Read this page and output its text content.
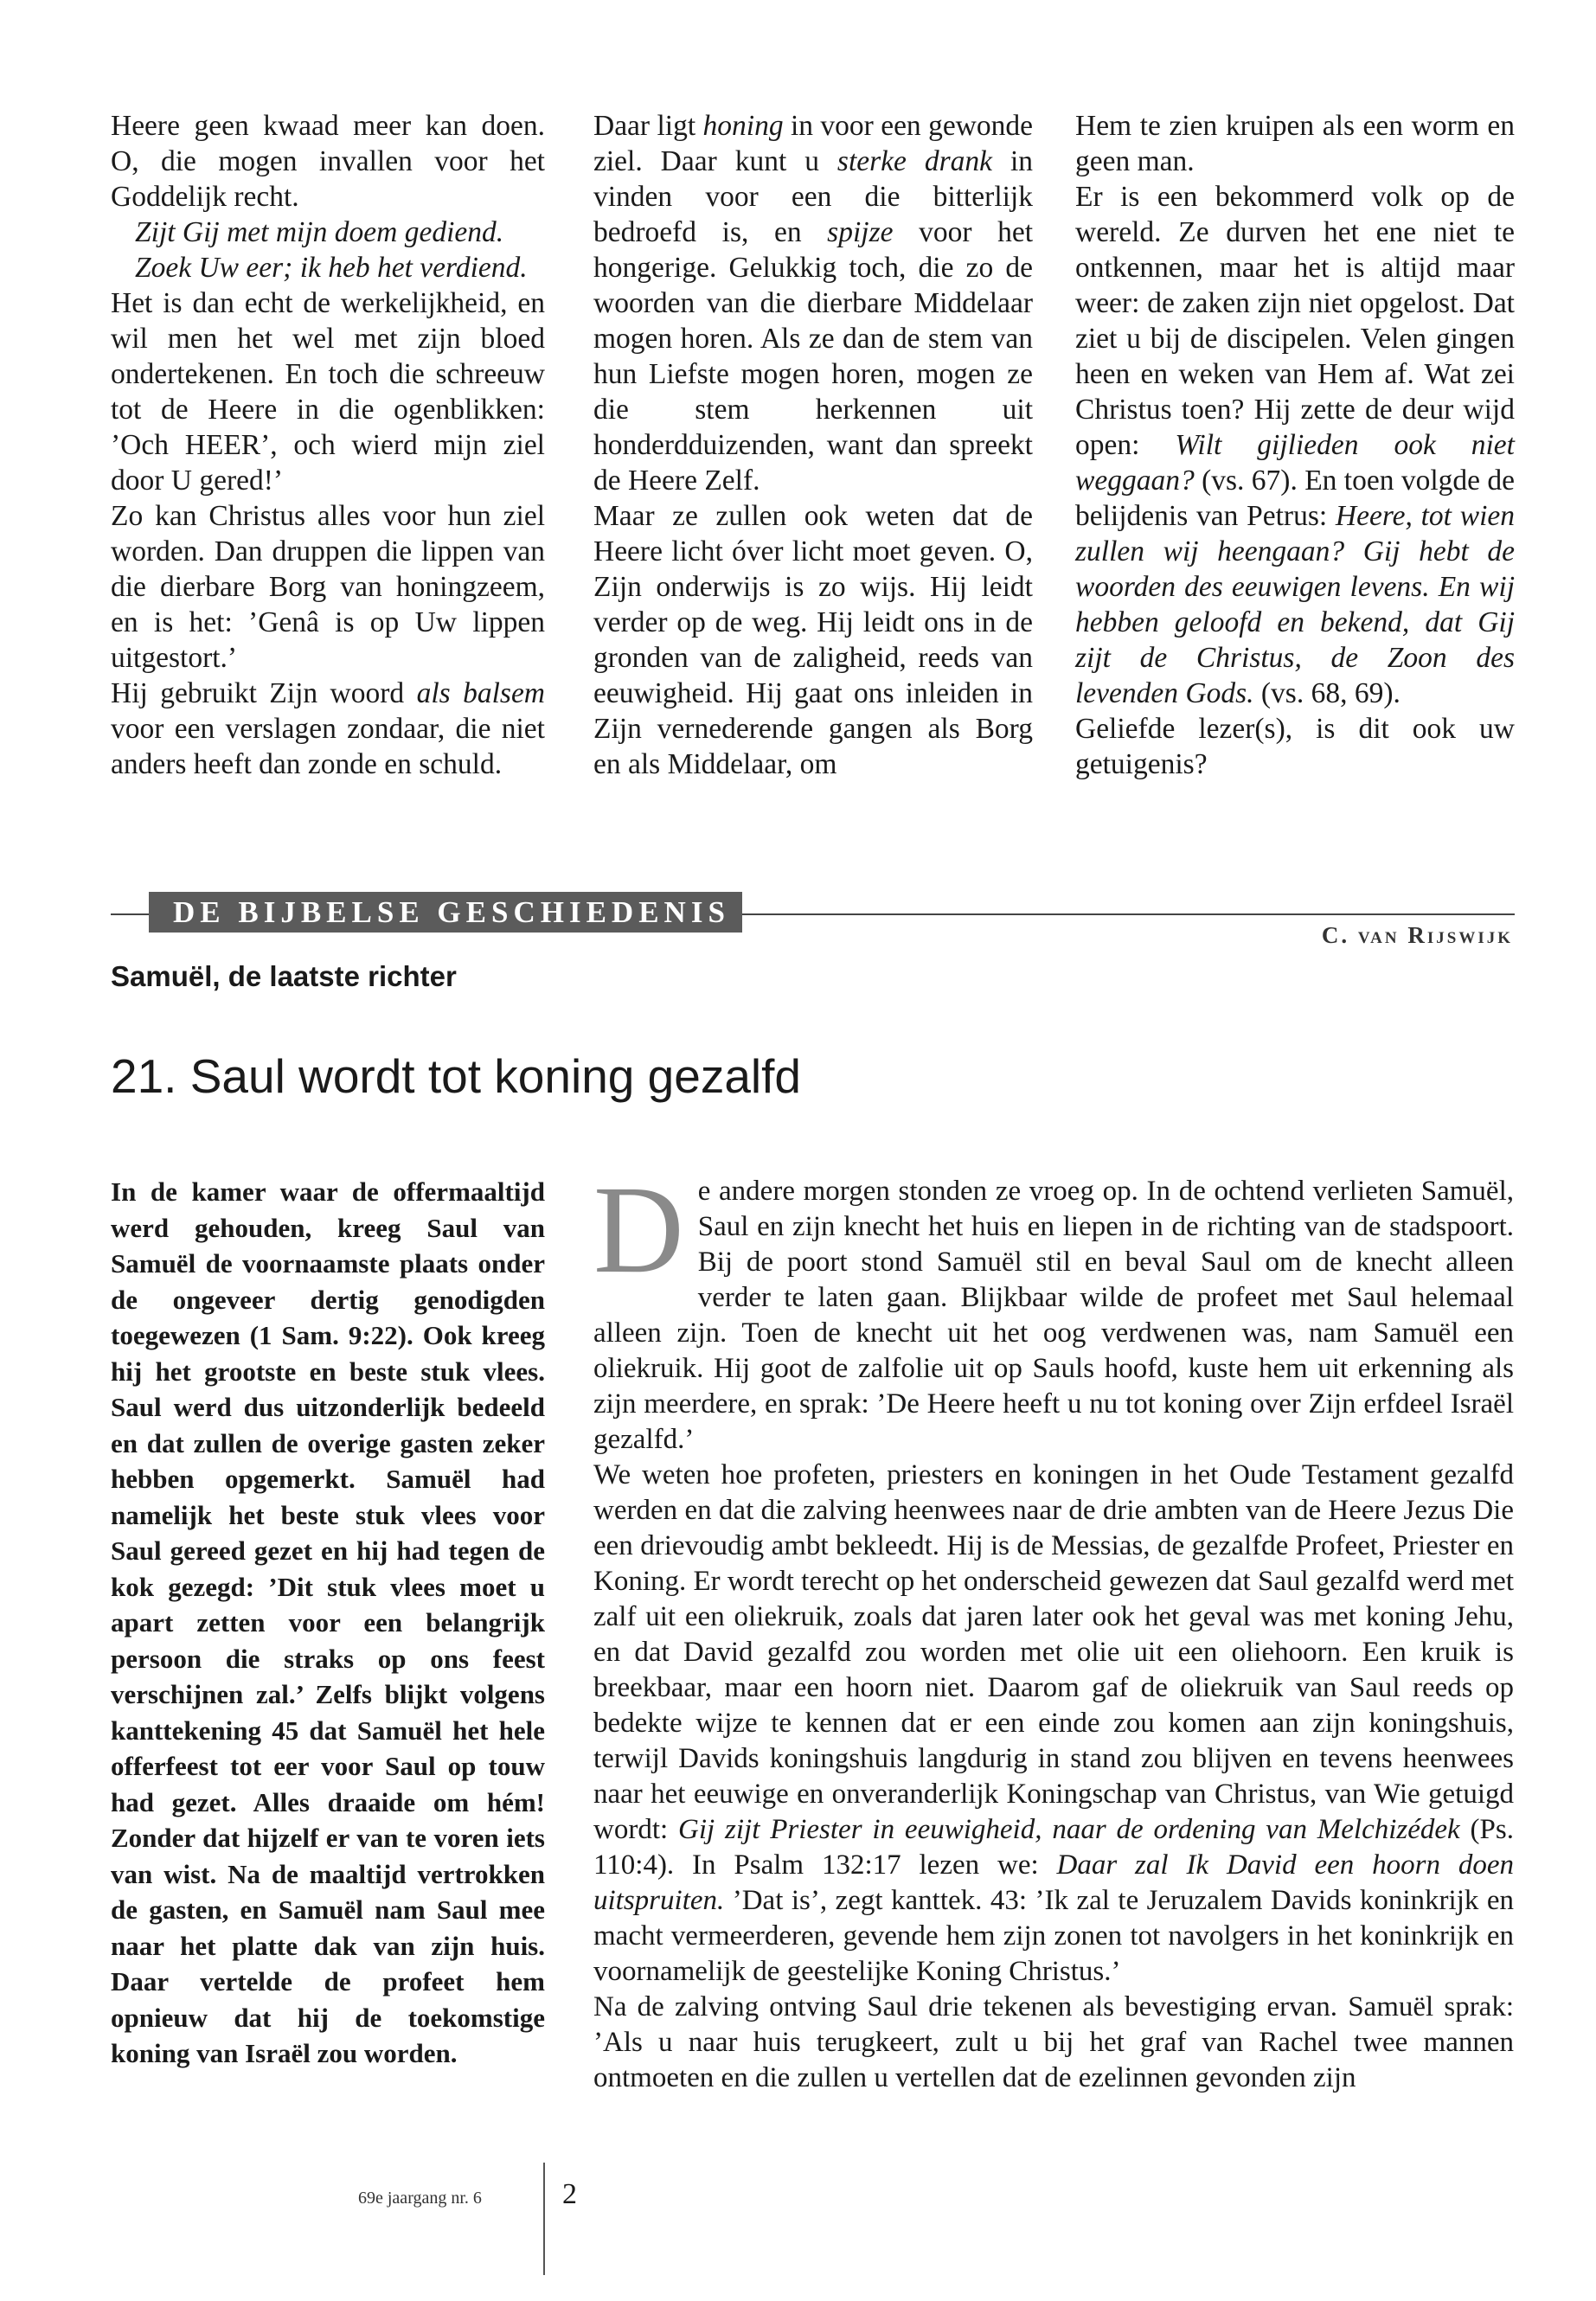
Heere geen kwaad meer kan doen. O, die mogen invallen voor het Goddelijk recht.

Zijt Gij met mijn doem gediend.

Zoek Uw eer; ik heb het verdiend.

Het is dan echt de werkelijkheid, en wil men het wel met zijn bloed ondertekenen. En toch die schreeuw tot de Heere in die ogenblikken: ’Och HEER’, och wierd mijn ziel door U gered!’

Zo kan Christus alles voor hun ziel worden. Dan druppen die lippen van die dierbare Borg van honingzeem, en is het: ’Genâ is op Uw lippen uitgestort.’

Hij gebruikt Zijn woord als balsem voor een verslagen zondaar, die niet anders heeft dan zonde en schuld.

Daar ligt honing in voor een gewonde ziel. Daar kunt u sterke drank in vinden voor een die bitterlijk bedroefd is, en spijze voor het hongerige. Gelukkig toch, die zo de woorden van die dierbare Middelaar mogen horen. Als ze dan de stem van hun Liefste mogen horen, mogen ze die stem herkennen uit honderdduizenden, want dan spreekt de Heere Zelf.

Maar ze zullen ook weten dat de Heere licht óver licht moet geven. O, Zijn onderwijs is zo wijs. Hij leidt verder op de weg. Hij leidt ons in de gronden van de zaligheid, reeds van eeuwigheid. Hij gaat ons inleiden in Zijn vernederende gangen als Borg en als Middelaar, om

Hem te zien kruipen als een worm en geen man.

Er is een bekommerd volk op de wereld. Ze durven het ene niet te ontkennen, maar het is altijd maar weer: de zaken zijn niet opgelost. Dat ziet u bij de discipelen. Velen gingen heen en weken van Hem af. Wat zei Christus toen? Hij zette de deur wijd open: Wilt gijlieden ook niet weggaan? (vs. 67). En toen volgde de belijdenis van Petrus: Heere, tot wien zullen wij heengaan? Gij hebt de woorden des eeuwigen levens. En wij hebben geloofd en bekend, dat Gij zijt de Christus, de Zoon des levenden Gods. (vs. 68, 69).

Geliefde lezer(s), is dit ook uw getuigenis?

DE BIJBELSE GESCHIEDENIS
C. van Rijswijk
Samuël, de laatste richter
21. Saul wordt tot koning gezalfd

In de kamer waar de offermaaltijd werd gehouden, kreeg Saul van Samuël de voornaamste plaats onder de ongeveer dertig genodigden toegewezen (1 Sam. 9:22). Ook kreeg hij het grootste en beste stuk vlees. Saul werd dus uitzonderlijk bedeeld en dat zullen de overige gasten zeker hebben opgemerkt. Samuël had namelijk het beste stuk vlees voor Saul gereed gezet en hij had tegen de kok gezegd: ’Dit stuk vlees moet u apart zetten voor een belangrijk persoon die straks op ons feest verschijnen zal.’ Zelfs blijkt volgens kanttekening 45 dat Samuël het hele offerfeest tot eer voor Saul op touw had gezet. Alles draaide om hém! Zonder dat hijzelf er van te voren iets van wist. Na de maaltijd vertrokken de gasten, en Samuël nam Saul mee naar het platte dak van zijn huis. Daar vertelde de profeet hem opnieuw dat hij de toekomstige koning van Israël zou worden.

De andere morgen stonden ze vroeg op. In de ochtend verlieten Samuël, Saul en zijn knecht het huis en liepen in de richting van de stadspoort. Bij de poort stond Samuël stil en beval Saul om de knecht alleen verder te laten gaan. Blijkbaar wilde de profeet met Saul helemaal alleen zijn. Toen de knecht uit het oog verdwenen was, nam Samuël een oliekruik. Hij goot de zalfolie uit op Sauls hoofd, kuste hem uit erkenning als zijn meerdere, en sprak: ’De Heere heeft u nu tot koning over Zijn erfdeel Israël gezalfd.’

We weten hoe profeten, priesters en koningen in het Oude Testament gezalfd werden en dat die zalving heenwees naar de drie ambten van de Heere Jezus Die een drievoudig ambt bekleedt. Hij is de Messias, de gezalfde Profeet, Priester en Koning. Er wordt terecht op het onderscheid gewezen dat Saul gezalfd werd met zalf uit een oliekruik, zoals dat jaren later ook het geval was met koning Jehu, en dat David gezalfd zou worden met olie uit een oliehoorn. Een kruik is breekbaar, maar een hoorn niet. Daarom gaf de oliekruik van Saul reeds op bedekte wijze te kennen dat er een einde zou komen aan zijn koningshuis, terwijl Davids koningshuis langdurig in stand zou blijven en tevens heenwees naar het eeuwige en onveranderlijk Koningschap van Christus, van Wie getuigd wordt: Gij zijt Priester in eeuwigheid, naar de ordening van Melchizédek (Ps. 110:4). In Psalm 132:17 lezen we: Daar zal Ik David een hoorn doen uitspruiten. ’Dat is’, zegt kanttek. 43: ’Ik zal te Jeruzalem Davids koninkrijk en macht vermeerderen, gevende hem zijn zonen tot navolgers in het koninkrijk en voornamelijk de geestelijke Koning Christus.’

Na de zalving ontving Saul drie tekenen als bevestiging ervan. Samuël sprak: ’Als u naar huis terugkeert, zult u bij het graf van Rachel twee mannen ontmoeten en die zullen u vertellen dat de ezelinnen gevonden zijn

69e jaargang nr. 6	2
